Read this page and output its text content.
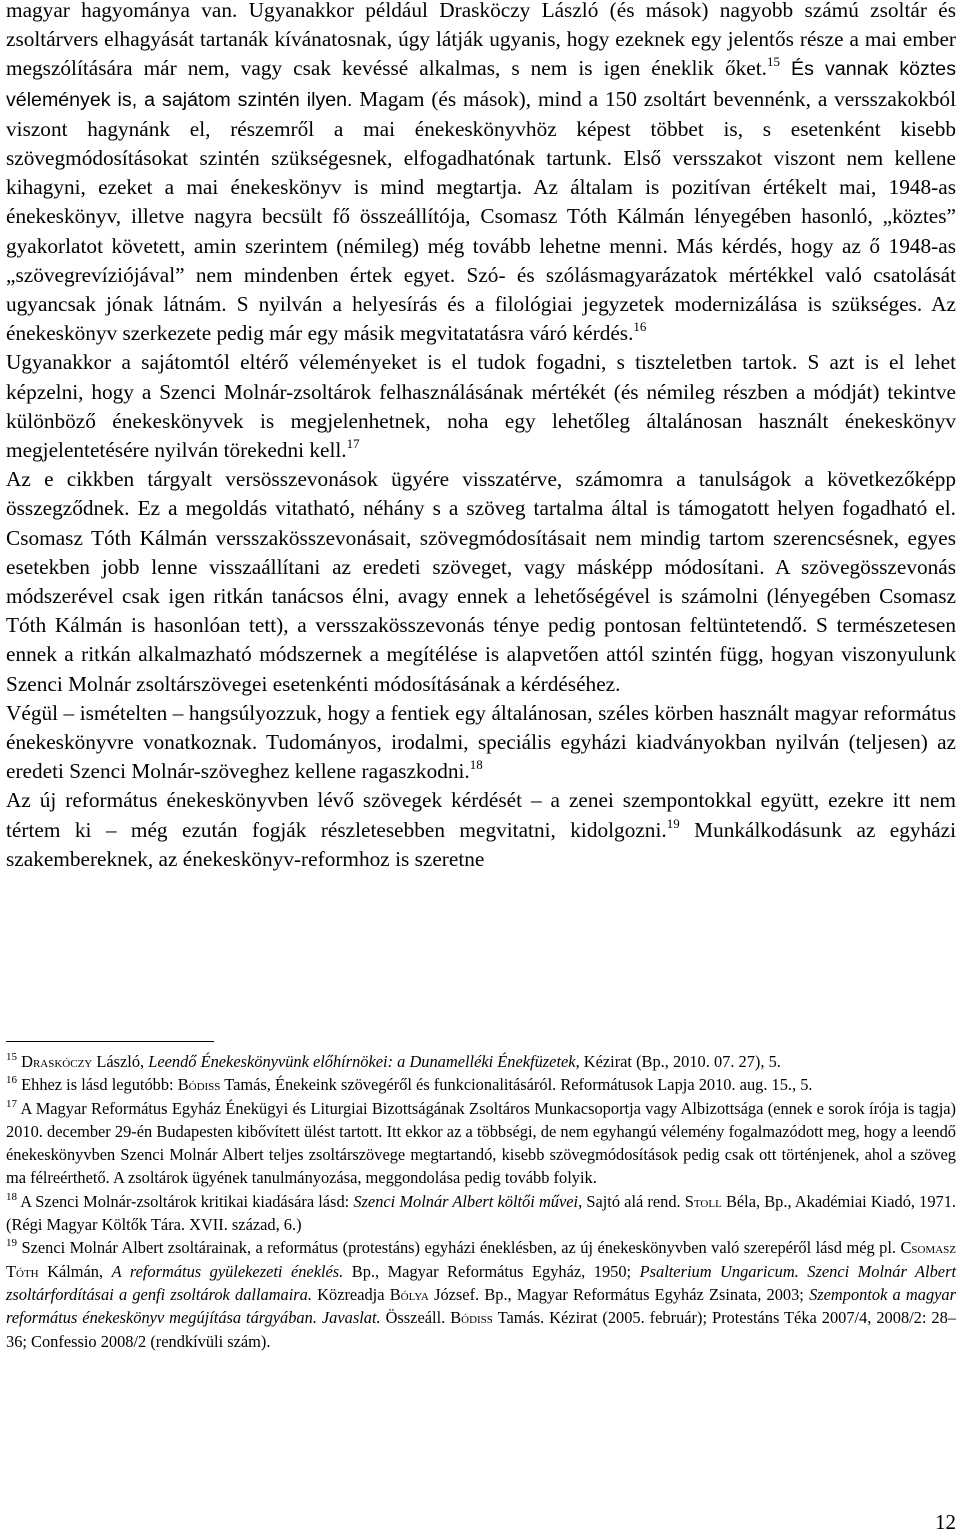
magyar hagyománya van. Ugyanakkor például Drasköczy László (és mások) nagyobb számú zsoltár és zsoltárvers elhagyását tartanák kívánatosnak, úgy látják ugyanis, hogy ezeknek egy jelentős része a mai ember megszólítására már nem, vagy csak kevéssé alkalmas, s nem is igen éneklik őket.$^{15}$ És vannak köztes vélemények is, a sajátom szintén ilyen. Magam (és mások), mind a 150 zsoltárt bevennénk, a versszakokból viszont hagynánk el, részemről a mai énekeskönyvhöz képest többet is, s esetenként kisebb szövegmódosításokat szintén szükségesnek, elfogadhatónak tartunk. Első versszakot viszont nem kellene kihagyni, ezeket a mai énekeskönyv is mind megtartja. Az általam is pozitívan értékelt mai, 1948-as énekeskönyv, illetve nagyra becsült fő összeállítója, Csomasz Tóth Kálmán lényegében hasonló, „köztes” gyakorlatot követett, amin szerintem (némileg) még tovább lehetne menni. Más kérdés, hogy az ő 1948-as „szövegrevíziójával” nem mindenben értek egyet. Szó- és szólásmagyarázatok mértékkel való csatolását ugyancsak jónak látnám. S nyilván a helyesírás és a filológiai jegyzetek modernizálása is szükséges. Az énekeskönyv szerkezete pedig már egy másik megvitatatásra váró kérdés.$^{16}$

Ugyanakkor a sajátomtól eltérő véleményeket is el tudok fogadni, s tiszteletben tartok. S azt is el lehet képzelni, hogy a Szenci Molnár-zsoltárok felhasználásának mértékét (és némileg részben a módját) tekintve különböző énekeskönyvek is megjelenhetnek, noha egy lehetőleg általánosan használt énekeskönyv megjelentetésére nyilván törekedni kell.$^{17}$

Az e cikkben tárgyalt versösszevonások ügyére visszatérve, számomra a tanulságok a következőképp összegződnek. Ez a megoldás vitatható, néhány s a szöveg tartalma által is támogatott helyen fogadható el. Csomasz Tóth Kálmán versszakösszevonásait, szövegmódosításait nem mindig tartom szerencsésnek, egyes esetekben jobb lenne visszaállítani az eredeti szöveget, vagy másképp módosítani. A szövegösszevonás módszerével csak igen ritkán tanácsos élni, avagy ennek a lehetőségével is számolni (lényegében Csomasz Tóth Kálmán is hasonlóan tett), a versszakösszevonás ténye pedig pontosan feltüntetendő. S természetesen ennek a ritkán alkalmazható módszernek a megítélése is alapvetően attól szintén függ, hogyan viszonyulunk Szenci Molnár zsoltárszövegei esetenkénti módosításának a kérdéséhez.

Végül – ismételten – hangsúlyozzuk, hogy a fentiek egy általánosan, széles körben használt magyar református énekeskönyvre vonatkoznak. Tudományos, irodalmi, speciális egyházi kiadványokban nyilván (teljesen) az eredeti Szenci Molnár-szöveghez kellene ragaszkodni.$^{18}$

Az új református énekeskönyvben lévő szövegek kérdését – a zenei szempontokkal együtt, ezekre itt nem tértem ki – még ezután fogják részletesebben megvitatni, kidolgozni.$^{19}$ Munkálkodásunk az egyházi szakembereknek, az énekeskönyv-reformhoz is szeretne

$^{15}$ Draskóczy László, Leendő Énekeskönyvünk előhírnökei: a Dunamelléki Énekfüzetek, Kézirat (Bp., 2010. 07. 27), 5.

$^{16}$ Ehhez is lásd legutóbb: Bódiss Tamás, Énekeink szövegéről és funkcionalitásáról. Reformátusok Lapja 2010. aug. 15., 5.

$^{17}$ A Magyar Református Egyház Énekügyi és Liturgiai Bizottságának Zsoltáros Munkacsoportja vagy Albizottsága (ennek e sorok írója is tagja) 2010. december 29-én Budapesten kibővített ülést tartott. Itt ekkor az a többségi, de nem egyhangú vélemény fogalmazódott meg, hogy a leendő énekeskönyvben Szenci Molnár Albert teljes zsoltárszövege megtartandó, kisebb szövegmódosítások pedig csak ott történjenek, ahol a szöveg ma félreérthető. A zsoltárok ügyének tanulmányozása, meggondolása pedig tovább folyik.

$^{18}$ A Szenci Molnár-zsoltárok kritikai kiadására lásd: Szenci Molnár Albert költői művei, Sajtó alá rend. Stoll Béla, Bp., Akadémiai Kiadó, 1971. (Régi Magyar Költők Tára. XVII. század, 6.)

$^{19}$ Szenci Molnár Albert zsoltárainak, a református (protestáns) egyházi éneklésben, az új énekeskönyvben való szerepéről lásd még pl. Csomasz Tóth Kálmán, A református gyülekezeti éneklés. Bp., Magyar Református Egyház, 1950; Psalterium Ungaricum. Szenci Molnár Albert zsoltárfordításai a genfi zsoltárok dallamaira. Közreadja Bólya József. Bp., Magyar Református Egyház Zsinata, 2003; Szempontok a magyar református énekeskönyv megújítása tárgyában. Javaslat. Összeáll. Bódiss Tamás. Kézirat (2005. február); Protestáns Téka 2007/4, 2008/2: 28–36; Confessio 2008/2 (rendkívüli szám).

12
